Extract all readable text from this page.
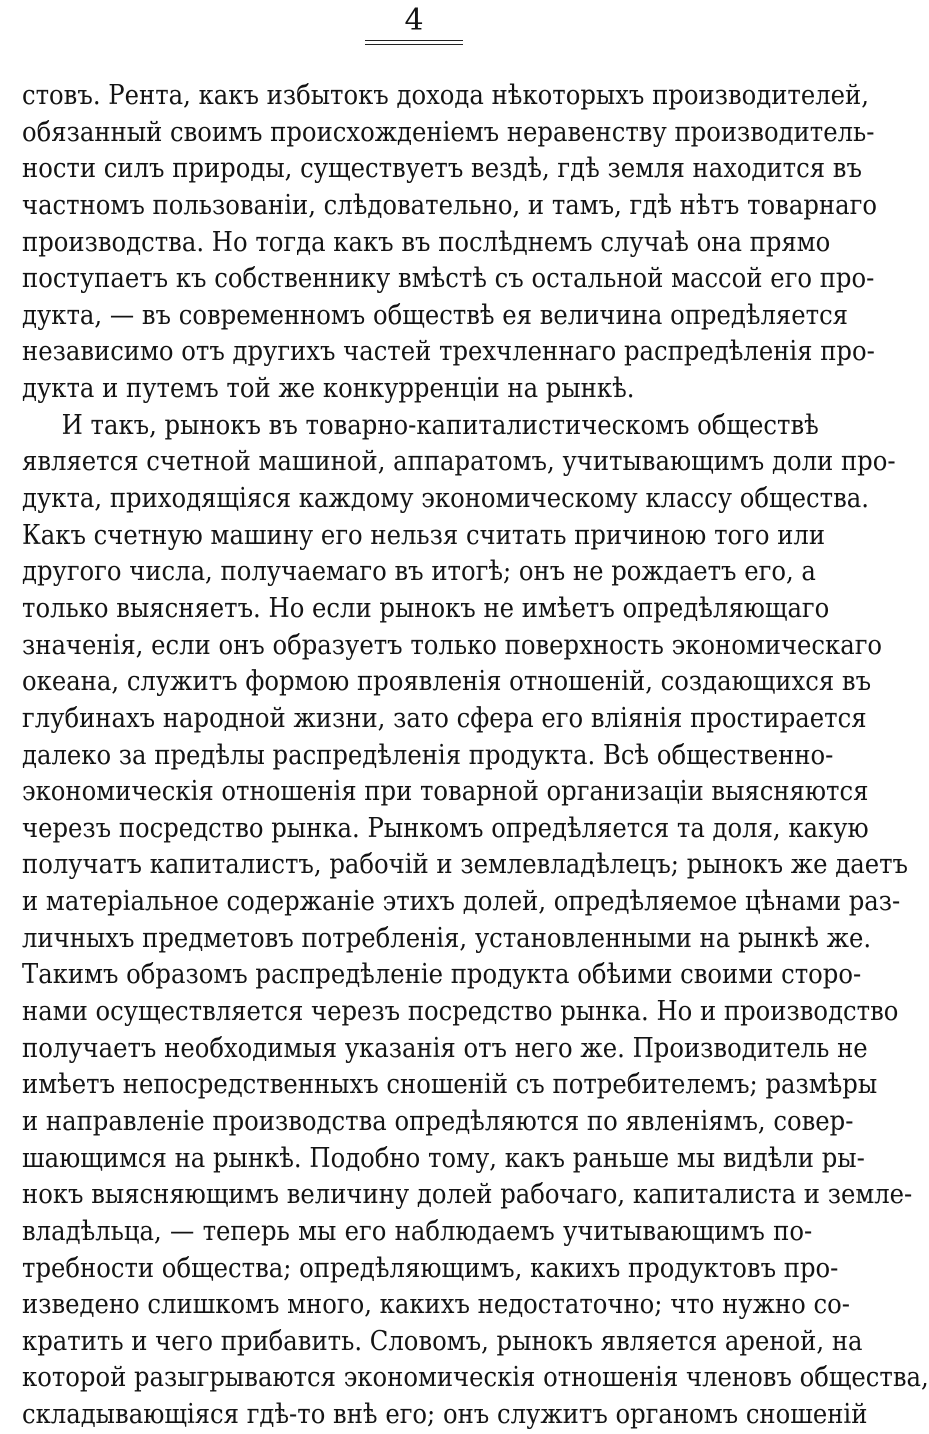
4
стовъ. Рента, какъ избытокъ дохода нѣкоторыхъ производителей,
обязанный своимъ происхожденіемъ неравенству производитель-
ности силъ природы, существуетъ вездѣ, гдѣ земля находится въ
частномъ пользованіи, слѣдовательно, и тамъ, гдѣ нѣтъ товарнаго
производства. Но тогда какъ въ послѣднемъ случаѣ она прямо
поступаетъ къ собственнику вмѣстѣ съ остальной массой его про-
дукта, — въ современномъ обществѣ ея величина опредѣляется
независимо отъ другихъ частей трехчленнаго распредѣленія про-
дукта и путемъ той же конкурренціи на рынкѣ.
И такъ, рынокъ въ товарно-капиталистическомъ обществѣ
является счетной машиной, аппаратомъ, учитывающимъ доли про-
дукта, приходящіяся каждому экономическому классу общества.
Какъ счетную машину его нельзя считать причиною того или
другого числа, получаемаго въ итогѣ; онъ не рождаетъ его, а
только выясняетъ. Но если рынокъ не имѣетъ опредѣляющаго
значенія, если онъ образуетъ только поверхность экономическаго
океана, служитъ формою проявленія отношеній, создающихся въ
глубинахъ народной жизни, зато сфера его вліянія простирается
далеко за предѣлы распредѣленія продукта. Всѣ общественно-
экономическія отношенія при товарной организаціи выясняются
черезъ посредство рынка. Рынкомъ опредѣляется та доля, какую
получатъ капиталистъ, рабочій и землевладѣлецъ; рынокъ же даетъ
и матеріальное содержаніе этихъ долей, опредѣляемое цѣнами раз-
личныхъ предметовъ потребленія, установленными на рынкѣ же.
Такимъ образомъ распредѣленіе продукта обѣими своими сторо-
нами осуществляется черезъ посредство рынка. Но и производство
получаетъ необходимыя указанія отъ него же. Производитель не
имѣетъ непосредственныхъ сношеній съ потребителемъ; размѣры
и направленіе производства опредѣляются по явленіямъ, совер-
шающимся на рынкѣ. Подобно тому, какъ раньше мы видѣли ры-
нокъ выясняющимъ величину долей рабочаго, капиталиста и земле-
владѣльца, — теперь мы его наблюдаемъ учитывающимъ по-
требности общества; опредѣляющимъ, какихъ продуктовъ про-
изведено слишкомъ много, какихъ недостаточно; что нужно со-
кратить и чего прибавить. Словомъ, рынокъ является ареной, на
которой разыгрываются экономическія отношенія членовъ общества,
складывающіяся гдѣ-то внѣ его; онъ служитъ органомъ сношеній
